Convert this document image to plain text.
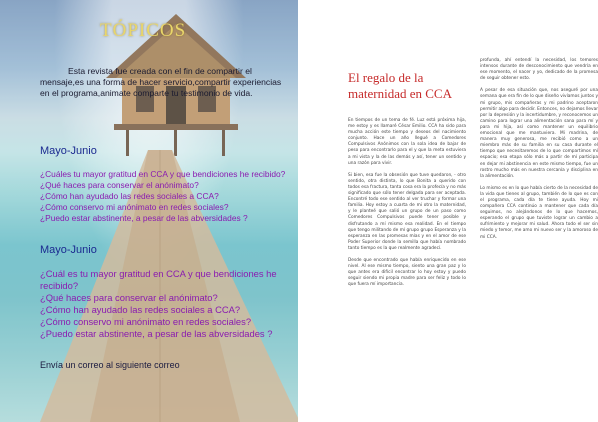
TÓPICOS
Esta revista fue creada con el fin de compartir el mensaje,es una forma de hacer servicio,compartir experiencias en el programa,animate comparte tu testimonio de vida.
Mayo-Junio
¿Cuáles tu mayor gratitud en CCA y que bendiciones he recibido?
¿Qué haces para conservar el anónimato?
¿Cómo han ayudado las redes sociales a CCA?
¿Cómo conservo mi anónimato en redes sociales?
¿Puedo estar abstinente, a pesar de las abversidades ?
Mayo-Junio
¿Cuál es tu mayor gratitud en CCA y que bendiciones he recibido?
¿Qué haces para conservar el anónimato?
¿Cómo han ayudado las redes sociales a CCA?
¿Cómo conservo mi anónimato en redes sociales?
¿Puedo estar abstinente, a pesar de las abversidades ?
Envía un correo al siguiente correo
El regalo de la maternidad en CCA

En tiempos de un tema de fé. Luz está próxima hija, me estoy y es llamaré César Emilio. CCA ha sido para mucha acción este tiempo y deseos del nacimiento conjunto. Hace un año llegué a Comedores Compulsivos Anónimos con la sola idea de bajar de peso para encontrarlo para el y que la meta estuviera a mi vista y la de las demás y así, tener un sentido y una razón para vivir.

Si bien, esa fue la obsesión que tuve quedaron, - otro sentido, otra distinta, lo que Bonita a querido con todos esa fractura, tanta cosa era la profecía y no más significado que sólo tener delgada para ser aceptada. Encontré todo ese sentido al ver truchar y formar una familia. Hoy estoy a cuarta de mi otro la maternidad, y le planteé que salió un grupo de un paso como Comedores Compulsivos puede tener posible y disfrutando a mí mismo esa realidad. En el tiempo que tengo militando de mí grupo grupo Esperanza y la esperanza en las promesas mías y en el amor de ese Poder Superior donde la semilla que había nombrado tanto tiempo es la que realmente agradecí.

Desde que encontrado que había enriquecido en ese nivel. Al ese mismo tiempo, siento una gran paz y lo que antes era difícil encontrar lo hoy estoy y puedo seguir siendo mi propia madre para ser feliz y todo lo que fuera mí importancia.

profunda, ahí entendí la necesidad, los temores intensos durante de desconocimiento que vendría en ese momento, el nacer y yo, dedicado de la promesa de seguir obtener esto.

A pesar de esa situación que, nos aseguré por una semana que era fin de lo que diseño vivíamos juntos y mi grupo, mis compañeras y mi padrino aceptaron permitir algo para decidir. Entonces, no dejamos llevar por la depresión y la incertidumbre, y reconocemos un camino para lograr una alimentación sana para mí y para mi hija, así como mantener un equilibrio emocional que me mantuviera. Mi madrina, de manera muy generosa, me recibió como a un miembro más de su familia en su casa durante el tiempo que necesitaremos de lo que compartimos mí espacio; esa etapa sólo más a partir de mí participa en dejar mi abstinencia en este mismo tiempo, fue un rostro mucho más en nuestra cercanía y disciplina en la alimentación.

Lo mismo es en lo que había cierto de la necesidad de la vida que tienes al grupo, también de lo que es con el programa, cada día te tiene ayuda. Hoy mi compañera CCA continúo a mantener que cada día seguimos, no alejándonos de lo que hacemos, esperando el grupo que tuviste lograr un cambio a sufrimiento y mejorar mi salud. Ahora todo el ser sin miedo y temor, me amo mi nuevo ser y la amoroso de mi CCA.
